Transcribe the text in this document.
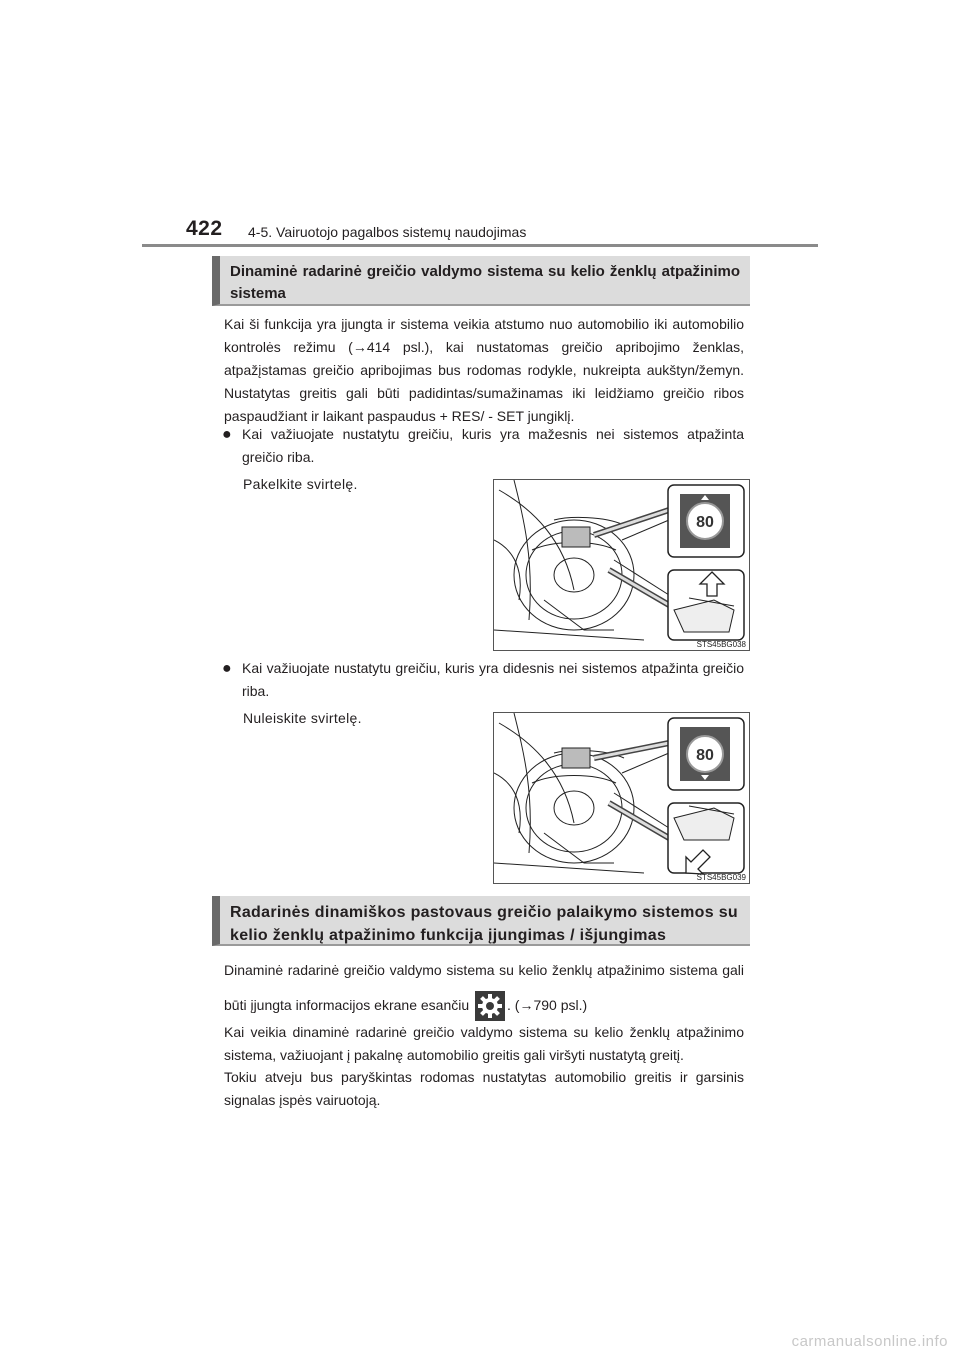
422 4-5. Vairuotojo pagalbos sistemų naudojimas
Dinaminė radarinė greičio valdymo sistema su kelio ženklų atpažinimo sistema

Kai ši funkcija yra įjungta ir sistema veikia atstumo nuo automobilio iki automobilio kontrolės režimu (→414 psl.), kai nustatomas greičio apribojimo ženklas, atpažįstamas greičio apribojimas bus rodomas rodykle, nukreipta aukštyn/žemyn. Nustatytas greitis gali būti padidintas/sumažinamas iki leidžiamo greičio ribos paspaudžiant ir laikant paspaudus + RES/ - SET jungiklį.

● Kai važiuojate nustatytu greičiu, kuris yra mažesnis nei sistemos atpažinta greičio riba.
Pakelkite svirtelę.
80
STS45BG038
● Kai važiuojate nustatytu greičiu, kuris yra didesnis nei sistemos atpažinta greičio riba.
Nuleiskite svirtelę.
80
STS45BG039
Radarinės dinamiškos pastovaus greičio palaikymo sistemos su kelio ženklų atpažinimo funkcija įjungimas / išjungimas

Dinaminė radarinė greičio valdymo sistema su kelio ženklų atpažinimo sistema gali būti įjungta informacijos ekrane esančiu	. (→790 psl.)

Kai veikia dinaminė radarinė greičio valdymo sistema su kelio ženklų atpažinimo sistema, važiuojant į pakalnę automobilio greitis gali viršyti nustatytą greitį.

Tokiu atveju bus paryškintas rodomas nustatytas automobilio greitis ir garsinis signalas įspės vairuotoją.

carmanualsonline.info
